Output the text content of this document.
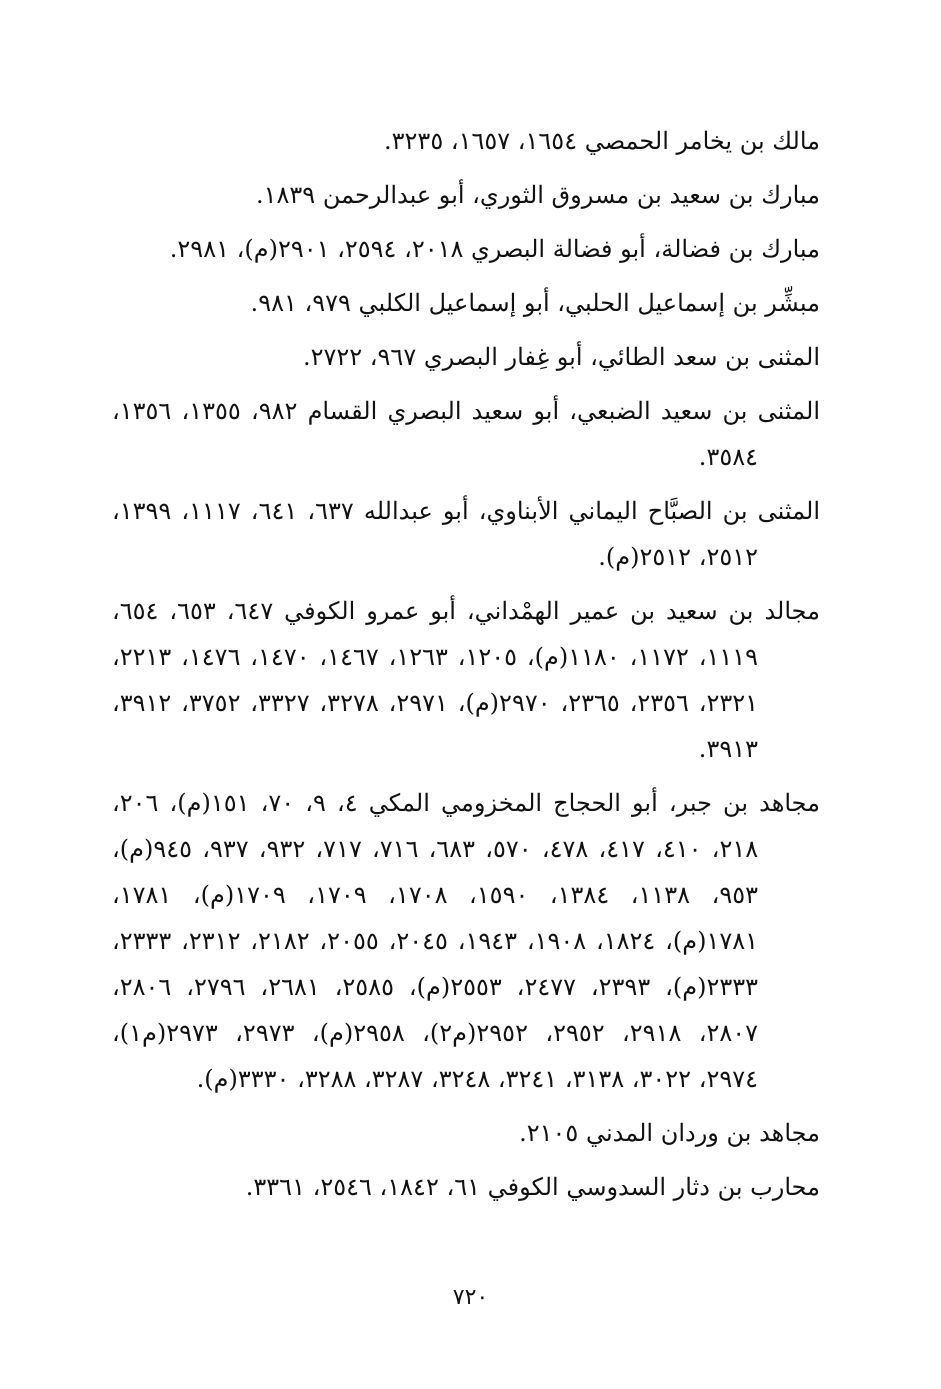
مالك بن يخامر الحمصي ١٦٥٤، ١٦٥٧، ٣٢٣٥.

مبارك بن سعيد بن مسروق الثوري، أبو عبدالرحمن ١٨٣٩.

مبارك بن فضالة، أبو فضالة البصري ٢٠١٨، ٢٥٩٤، ٢٩٠١(م)، ٢٩٨١.

مبشِّر بن إسماعيل الحلبي، أبو إسماعيل الكلبي ٩٧٩، ٩٨١.

المثنى بن سعد الطائي، أبو غِفار البصري ٩٦٧، ٢٧٢٢.

المثنى بن سعيد الضبعي، أبو سعيد البصري القسام ٩٨٢، ١٣٥٥، ١٣٥٦، ٣٥٨٤.

المثنى بن الصبَّاح اليماني الأبناوي، أبو عبدالله ٦٣٧، ٦٤١، ١١١٧، ١٣٩٩، ٢٥١٢، ٢٥١٢(م).

مجالد بن سعيد بن عمير الهمْداني، أبو عمرو الكوفي ٦٤٧، ٦٥٣، ٦٥٤، ١١١٩، ١١٧٢، ١١٨٠(م)، ١٢٠٥، ١٢٦٣، ١٤٦٧، ١٤٧٠، ١٤٧٦، ٢٢١٣، ٢٣٢١، ٢٣٥٦، ٢٣٦٥، ٢٩٧٠(م)، ٢٩٧١، ٣٢٧٨، ٣٣٢٧، ٣٧٥٢، ٣٩١٢، ٣٩١٣.

مجاهد بن جبر، أبو الحجاج المخزومي المكي ٤، ٩، ٧٠، ١٥١(م)، ٢٠٦، ٢١٨، ٤١٠، ٤١٧، ٤٧٨، ٥٧٠، ٦٨٣، ٧١٦، ٧١٧، ٩٣٢، ٩٣٧، ٩٤٥(م)، ٩٥٣، ١١٣٨، ١٣٨٤، ١٥٩٠، ١٧٠٨، ١٧٠٩، ١٧٠٩(م)، ١٧٨١، ١٧٨١(م)، ١٨٢٤، ١٩٠٨، ١٩٤٣، ٢٠٤٥، ٢٠٥٥، ٢١٨٢، ٢٣١٢، ٢٣٣٣، ٢٣٣٣(م)، ٢٣٩٣، ٢٤٧٧، ٢٥٥٣(م)، ٢٥٨٥، ٢٦٨١، ٢٧٩٦، ٢٨٠٦، ٢٨٠٧، ٢٩١٨، ٢٩٥٢، ٢٩٥٢(م٢)، ٢٩٥٨(م)، ٢٩٧٣، ٢٩٧٣(م١)، ٢٩٧٤، ٣٠٢٢، ٣١٣٨، ٣٢٤١، ٣٢٤٨، ٣٢٨٧، ٣٢٨٨، ٣٣٣٠(م).

مجاهد بن وردان المدني ٢١٠٥.

محارب بن دثار السدوسي الكوفي ٦١، ١٨٤٢، ٢٥٤٦، ٣٣٦١.

٧٢٠
